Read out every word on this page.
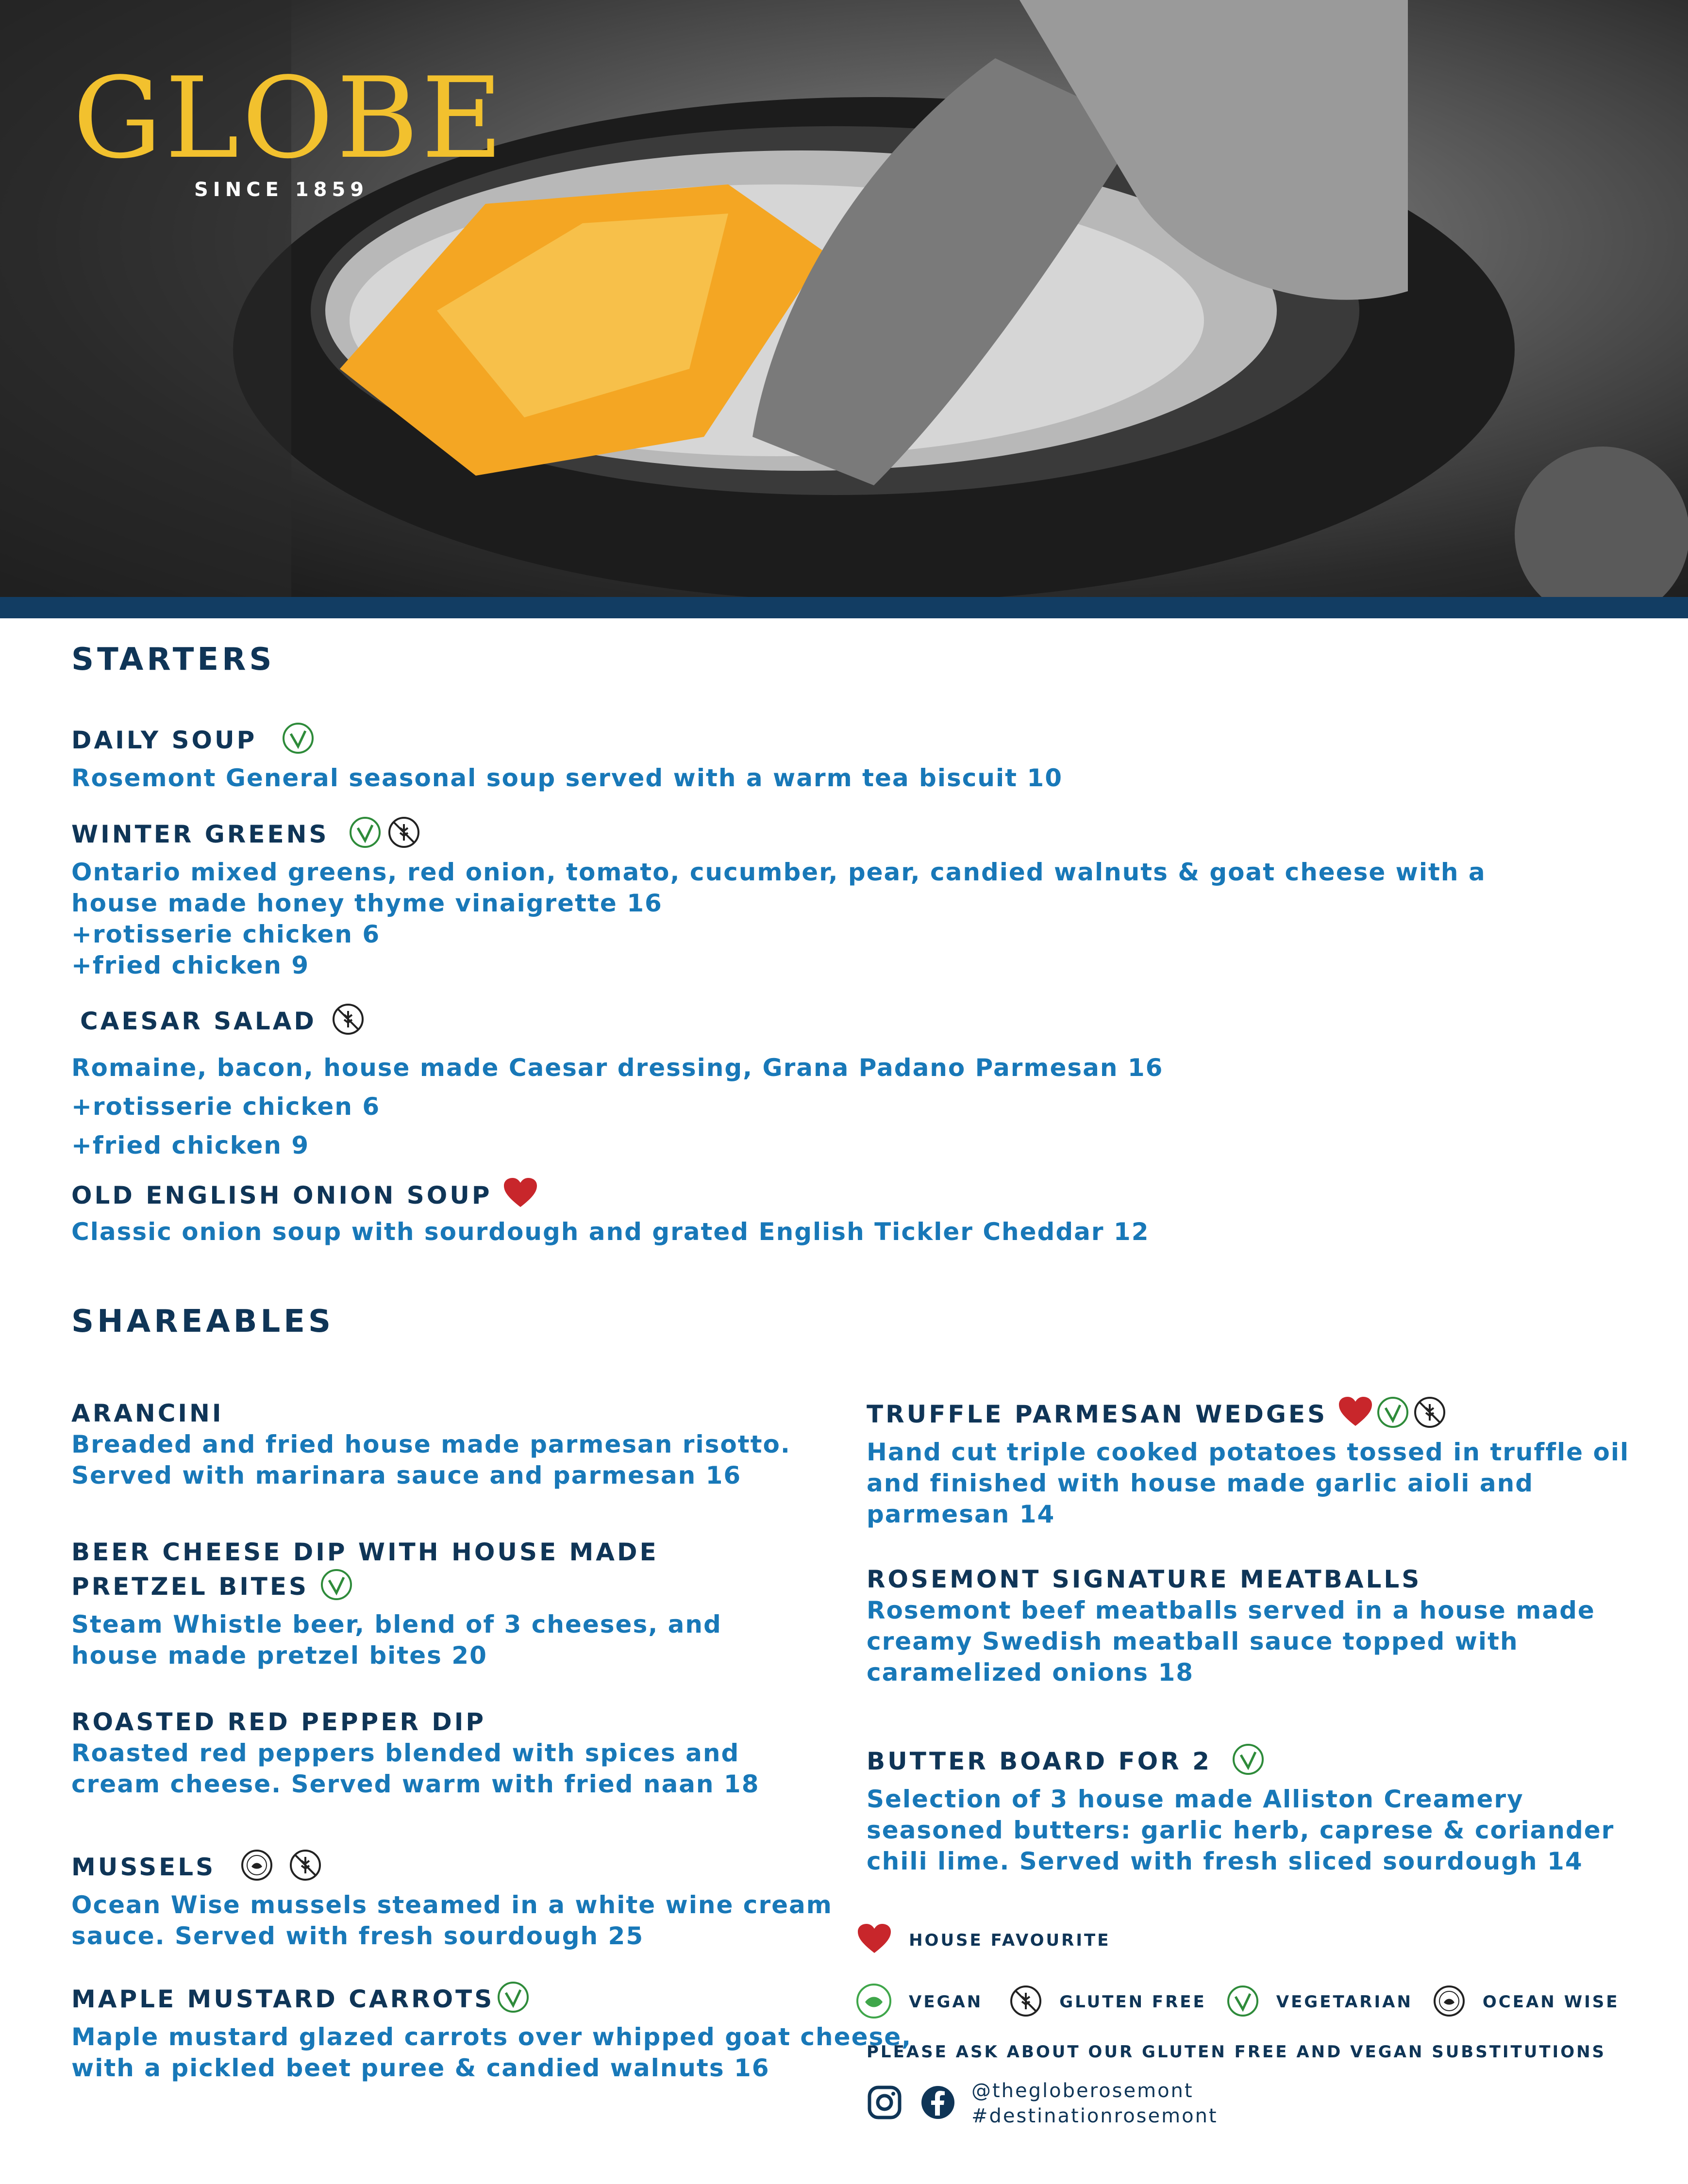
GLOBE
SINCE 1859
STARTERS
DAILY SOUP
Rosemont General seasonal soup served with a warm tea biscuit 10
WINTER GREENS
Ontario mixed greens, red onion, tomato, cucumber, pear, candied walnuts & goat cheese with a
house made honey thyme vinaigrette 16
+rotisserie chicken 6
+fried chicken 9
CAESAR SALAD
Romaine, bacon, house made Caesar dressing, Grana Padano Parmesan 16
+rotisserie chicken 6
+fried chicken 9
OLD ENGLISH ONION SOUP
Classic onion soup with sourdough and grated English Tickler Cheddar 12
SHAREABLES
ARANCINI
Breaded and fried house made parmesan risotto.
Served with marinara sauce and parmesan 16
BEER CHEESE DIP WITH HOUSE MADE
PRETZEL BITES
Steam Whistle beer, blend of 3 cheeses, and
house made pretzel bites 20
ROASTED RED PEPPER DIP
Roasted red peppers blended with spices and
cream cheese. Served warm with fried naan 18
MUSSELS
Ocean Wise mussels steamed in a white wine cream
sauce. Served with fresh sourdough 25
MAPLE MUSTARD CARROTS
Maple mustard glazed carrots over whipped goat cheese,
with a pickled beet puree & candied walnuts 16
TRUFFLE PARMESAN WEDGES
Hand cut triple cooked potatoes tossed in truffle oil
and finished with house made garlic aioli and
parmesan 14
ROSEMONT SIGNATURE MEATBALLS
Rosemont beef meatballs served in a house made
creamy Swedish meatball sauce topped with
caramelized onions 18
BUTTER BOARD FOR 2
Selection of 3 house made Alliston Creamery
seasoned butters: garlic herb, caprese & coriander
chili lime. Served with fresh sliced sourdough 14
HOUSE FAVOURITE
VEGAN	GLUTEN FREE	VEGETARIAN	OCEAN WISE
PLEASE ASK ABOUT OUR GLUTEN FREE AND VEGAN SUBSTITUTIONS
@thegloberosemont
#destinationrosemont
